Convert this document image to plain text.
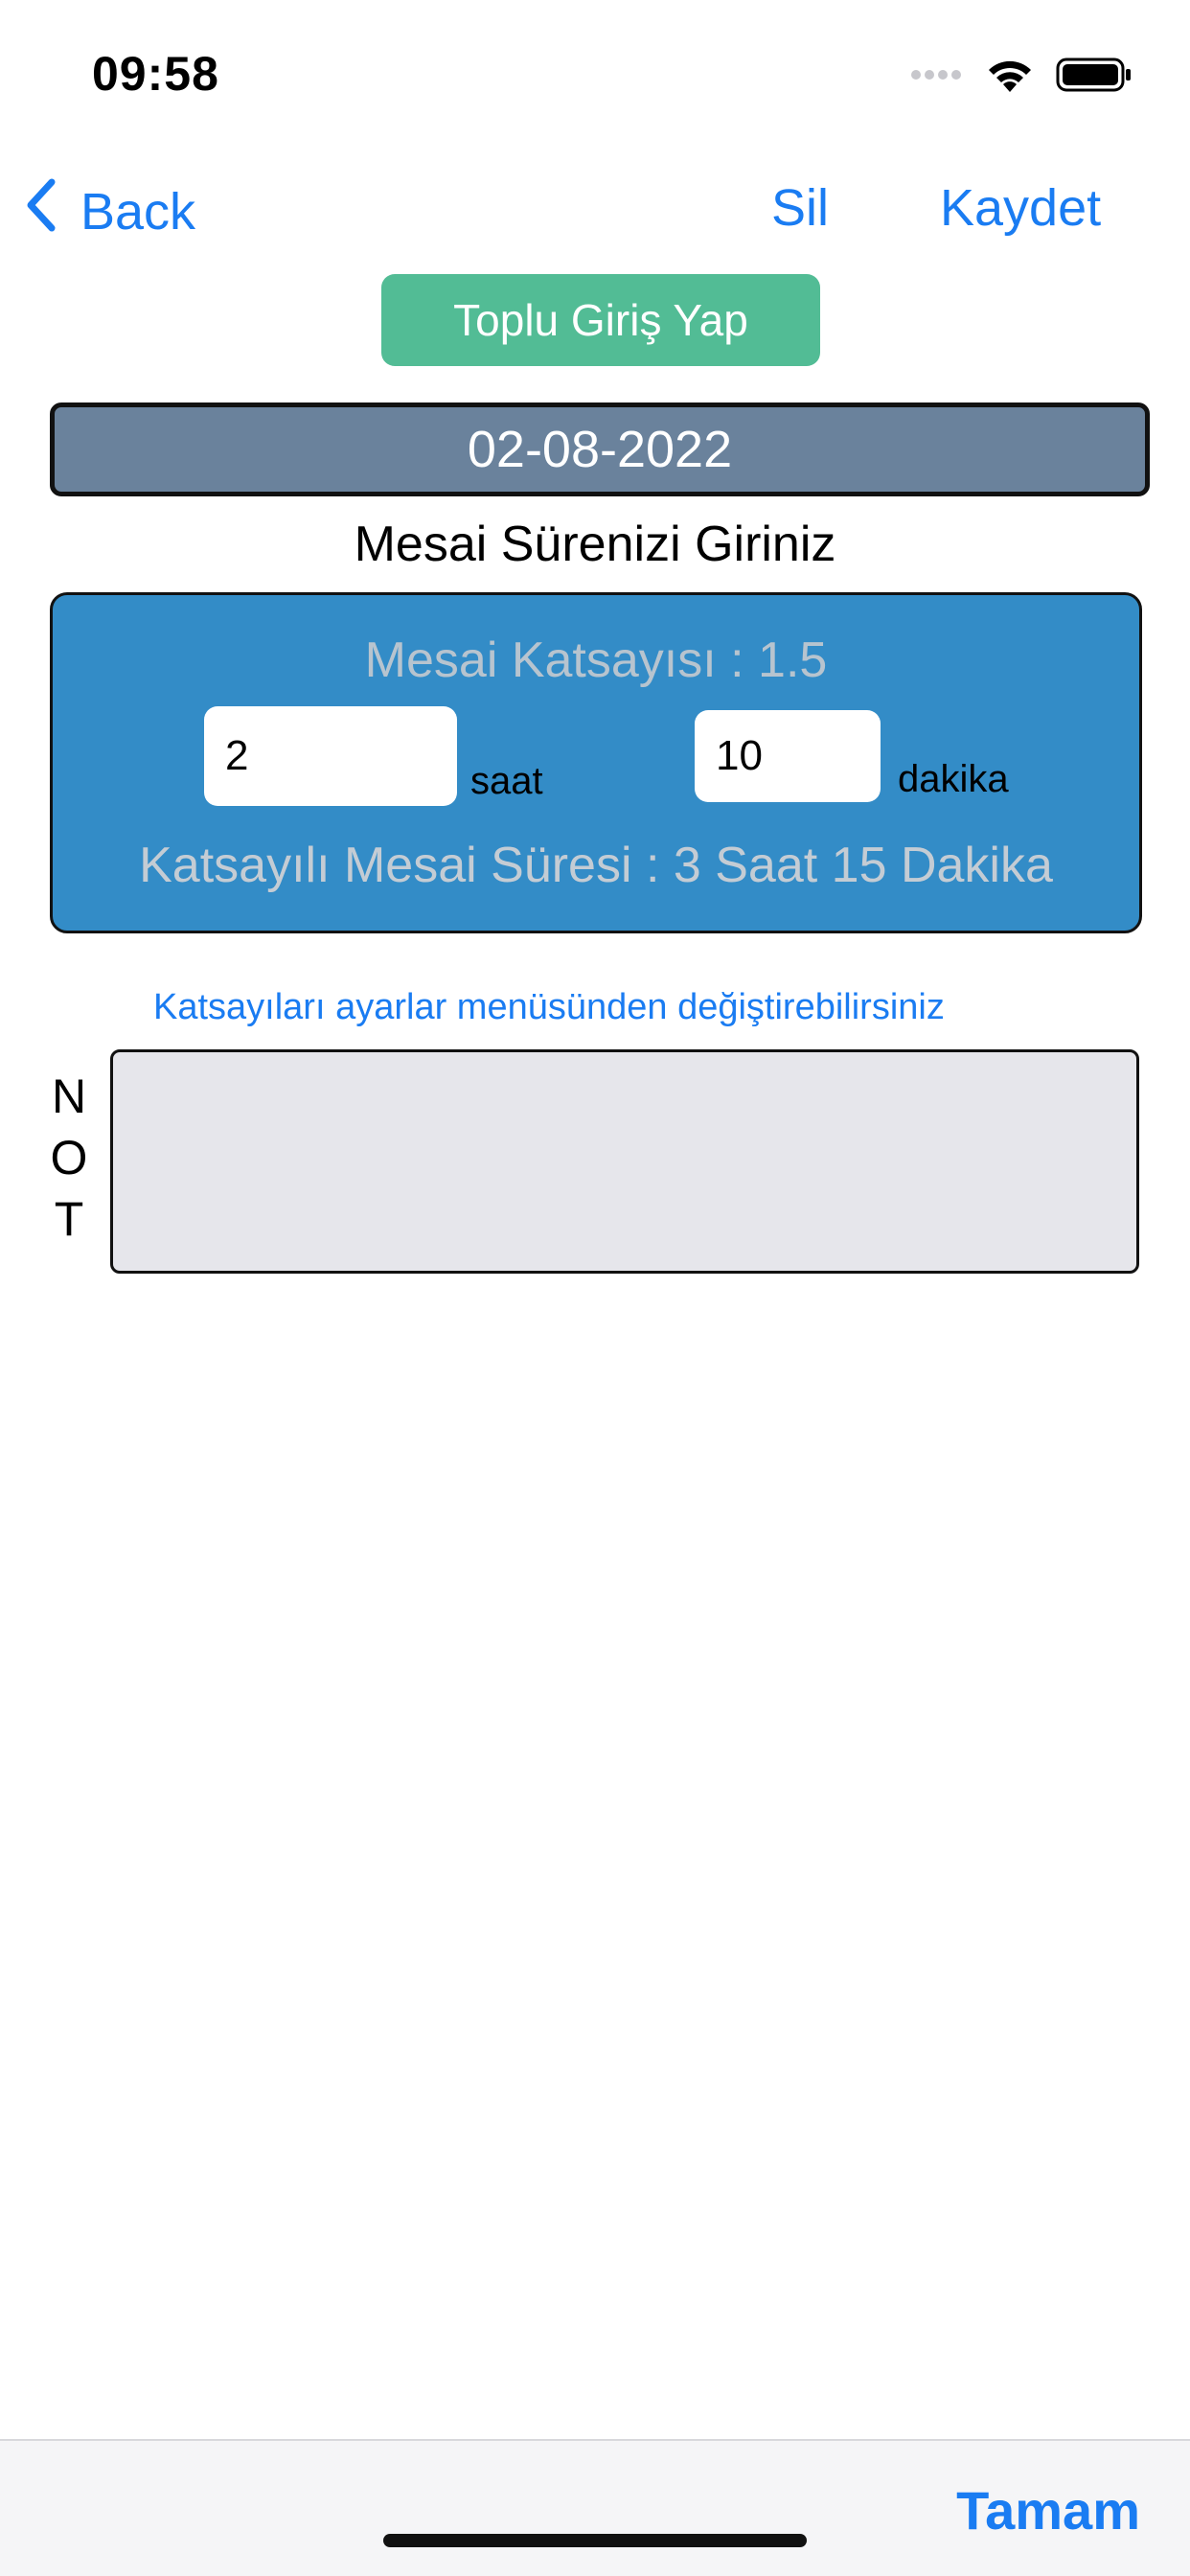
09:58
Back	Sil Kaydet
Toplu Giriş Yap
02-08-2022
Mesai Sürenizi Giriniz
Mesai Katsayısı : 1.5
2
saat
10	dakika
Katsayılı Mesai Süresi : 3 Saat 15 Dakika
Katsayıları ayarlar menüsünden değiştirebilirsiniz
N
O
T
Tamam
